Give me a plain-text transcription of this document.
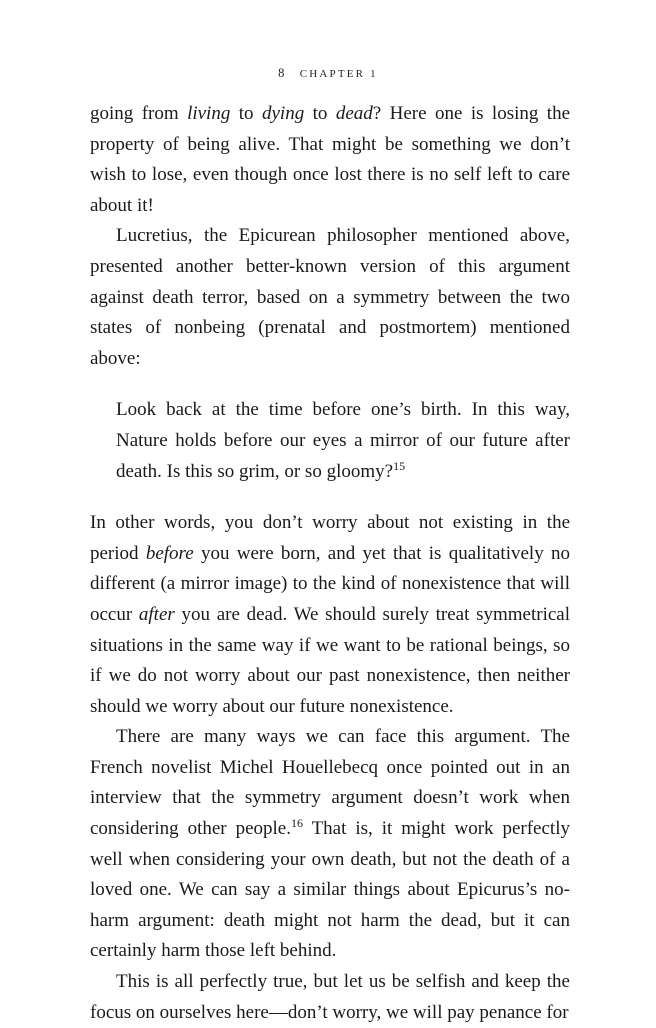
8 CHAPTER 1

going from living to dying to dead? Here one is losing the property of being alive. That might be something we don’t wish to lose, even though once lost there is no self left to care about it!

Lucretius, the Epicurean philosopher mentioned above, presented another better-known version of this argument against death terror, based on a symmetry between the two states of nonbeing (prenatal and postmortem) mentioned above:

Look back at the time before one’s birth. In this way, Nature holds before our eyes a mirror of our future after death. Is this so grim, or so gloomy?$^{15}$

In other words, you don’t worry about not existing in the period before you were born, and yet that is qualitatively no different (a mirror image) to the kind of nonexistence that will occur after you are dead. We should surely treat symmetrical situations in the same way if we want to be rational beings, so if we do not worry about our past nonexistence, then neither should we worry about our future nonexistence.

There are many ways we can face this argument. The French novelist Michel Houellebecq once pointed out in an interview that the symmetry argument doesn’t work when considering other people.$^{16}$ That is, it might work perfectly well when considering your own death, but not the death of a loved one. We can say a similar things about Epicurus’s no-harm argument: death might not harm the dead, but it can certainly harm those left behind.

This is all perfectly true, but let us be selfish and keep the focus on ourselves here—don’t worry, we will pay penance for
